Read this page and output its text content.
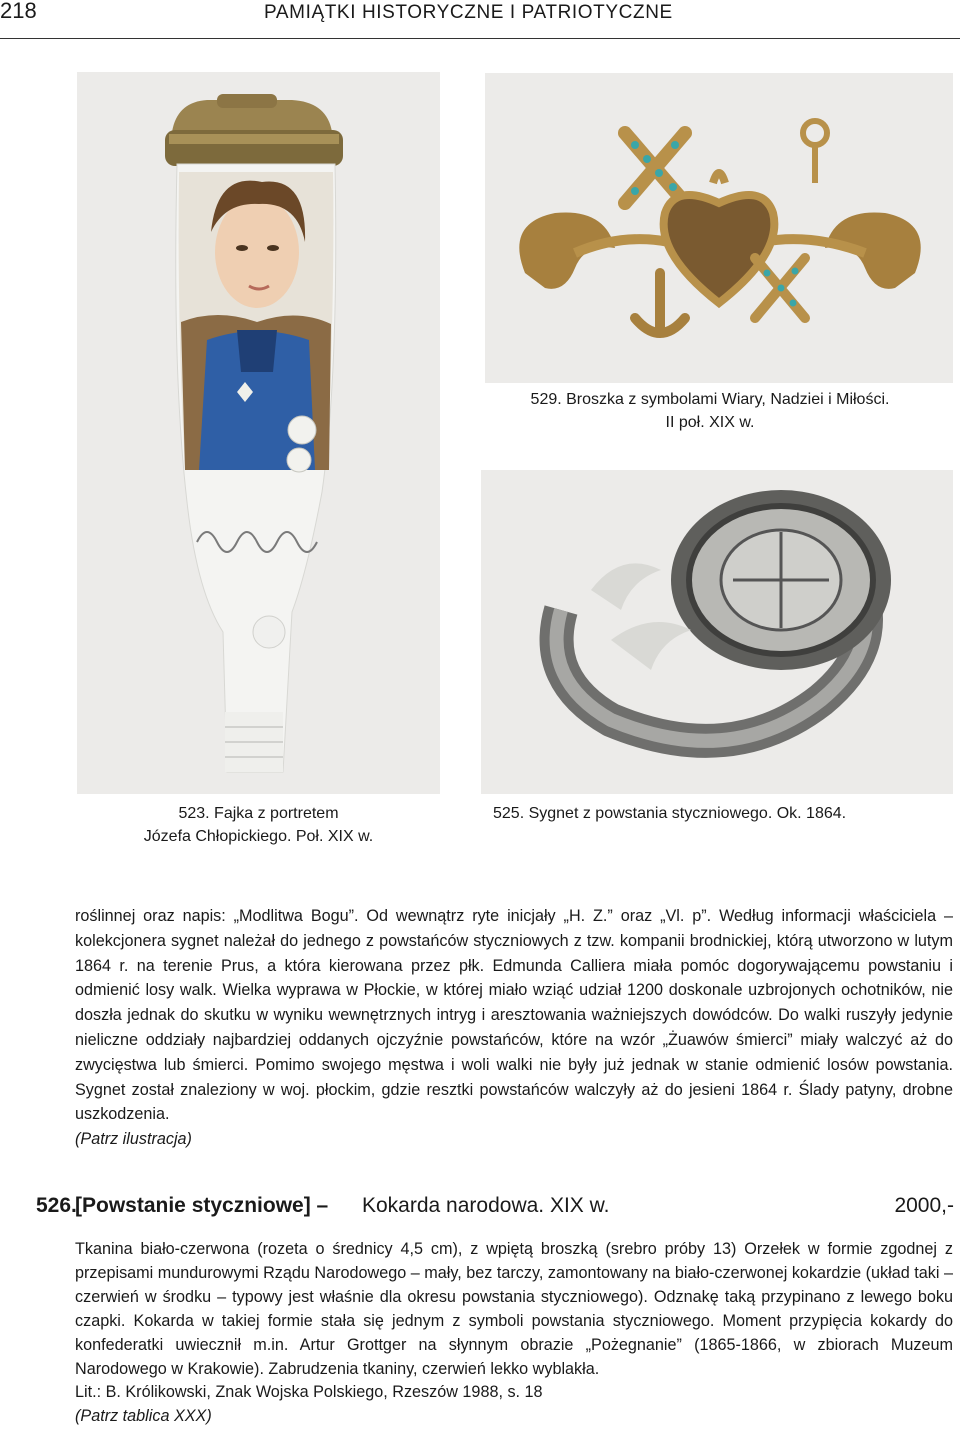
218	PAMIĄTKI HISTORYCZNE I PATRIOTYCZNE
529. Broszka z symbolami Wiary, Nadziei i Miłości.
II poł. XIX w.
523. Fajka z portretem
Józefa Chłopickiego. Poł. XIX w.
525. Sygnet z powstania styczniowego. Ok. 1864.

roślinnej oraz napis: „Modlitwa Bogu”. Od wewnątrz ryte inicjały „H. Z.” oraz „Vl. p”. Według informacji właściciela – kolekcjonera sygnet należał do jednego z powstańców styczniowych z tzw. kompanii brodnickiej, którą utworzono w lutym 1864 r. na terenie Prus, a która kierowana przez płk. Edmunda Calliera miała pomóc dogorywającemu powstaniu i odmienić losy walk. Wielka wyprawa w Płockie, w której miało wziąć udział 1200 doskonale uzbrojonych ochotników, nie doszła jednak do skutku w wyniku wewnętrznych intryg i aresztowania ważniejszych dowódców. Do walki ruszyły jedynie nieliczne oddziały najbardziej oddanych ojczyźnie powstańców, które na wzór „Żuawów śmierci” miały walczyć aż do zwycięstwa lub śmierci. Pomimo swojego męstwa i woli walki nie były już jednak w stanie odmienić losów powstania. Sygnet został znaleziony w woj. płockim, gdzie resztki powstańców walczyły aż do jesieni 1864 r. Ślady patyny, drobne uszkodzenia.
(Patrz ilustracja)

526.
[Powstanie styczniowe] – Kokarda narodowa. XIX w.	2000,-

Tkanina biało-czerwona (rozeta o średnicy 4,5 cm), z wpiętą broszką (srebro próby 13) Orzełek w formie zgodnej z przepisami mundurowymi Rządu Narodowego – mały, bez tarczy, zamontowany na biało-czerwonej kokardzie (układ taki – czerwień w środku – typowy jest właśnie dla okresu powstania styczniowego). Odznakę taką przypinano z lewego boku czapki. Kokarda w takiej formie stała się jednym z symboli powstania styczniowego. Moment przypięcia kokardy do konfederatki uwiecznił m.in. Artur Grottger na słynnym obrazie „Pożegnanie” (1865-1866, w zbiorach Muzeum Narodowego w Krakowie). Zabrudzenia tkaniny, czerwień lekko wyblakła.
Lit.: B. Królikowski, Znak Wojska Polskiego, Rzeszów 1988, s. 18
(Patrz tablica XXX)
